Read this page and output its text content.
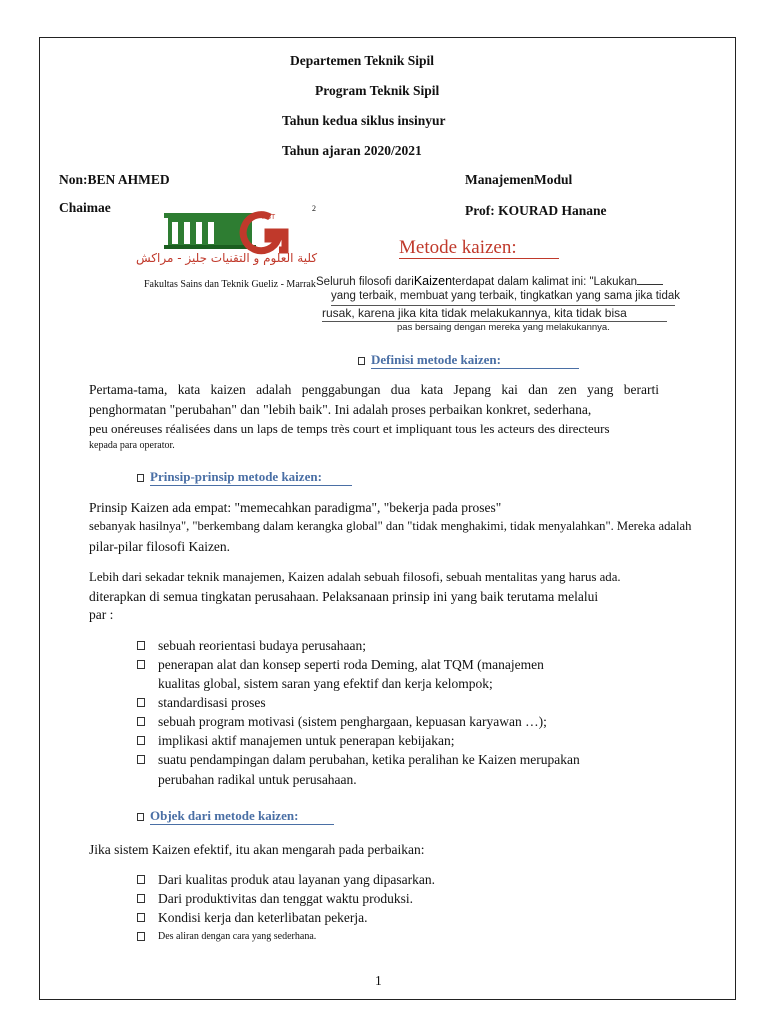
Departemen Teknik Sipil
Program Teknik Sipil
Tahun kedua siklus insinyur
Tahun ajaran 2020/2021
Non:BEN AHMED
Chaimae
ManajemenModul
Prof: KOURAD Hanane
2
FST
كلية العلوم و التقنيات جليز - مراكش
Fakultas Sains dan Teknik Gueliz - Marrak
Metode kaizen:
Seluruh filosofi dariKaizenterdapat dalam kalimat ini: "Lakukan
yang terbaik, membuat yang terbaik, tingkatkan yang sama jika tidak
rusak, karena jika kita tidak melakukannya, kita tidak bisa
pas bersaing dengan mereka yang melakukannya.
Definisi metode kaizen:
Pertama-tama, kata kaizen adalah penggabungan dua kata Jepang kai dan zen yang berarti
penghormatan "perubahan" dan "lebih baik". Ini adalah proses perbaikan konkret, sederhana,
peu onéreuses réalisées dans un laps de temps très court et impliquant tous les acteurs des directeurs
kepada para operator.
Prinsip-prinsip metode kaizen:
Prinsip Kaizen ada empat: "memecahkan paradigma", "bekerja pada proses"
sebanyak hasilnya", "berkembang dalam kerangka global" dan "tidak menghakimi, tidak menyalahkan". Mereka adalah
pilar-pilar filosofi Kaizen.
Lebih dari sekadar teknik manajemen, Kaizen adalah sebuah filosofi, sebuah mentalitas yang harus ada.
diterapkan di semua tingkatan perusahaan. Pelaksanaan prinsip ini yang baik terutama melalui
par :
sebuah reorientasi budaya perusahaan;
penerapan alat dan konsep seperti roda Deming, alat TQM (manajemen
kualitas global, sistem saran yang efektif dan kerja kelompok;
standardisasi proses
sebuah program motivasi (sistem penghargaan, kepuasan karyawan …);
implikasi aktif manajemen untuk penerapan kebijakan;
suatu pendampingan dalam perubahan, ketika peralihan ke Kaizen merupakan
perubahan radikal untuk perusahaan.
Objek dari metode kaizen:
Jika sistem Kaizen efektif, itu akan mengarah pada perbaikan:
Dari kualitas produk atau layanan yang dipasarkan.
Dari produktivitas dan tenggat waktu produksi.
Kondisi kerja dan keterlibatan pekerja.
Des aliran dengan cara yang sederhana.
1
